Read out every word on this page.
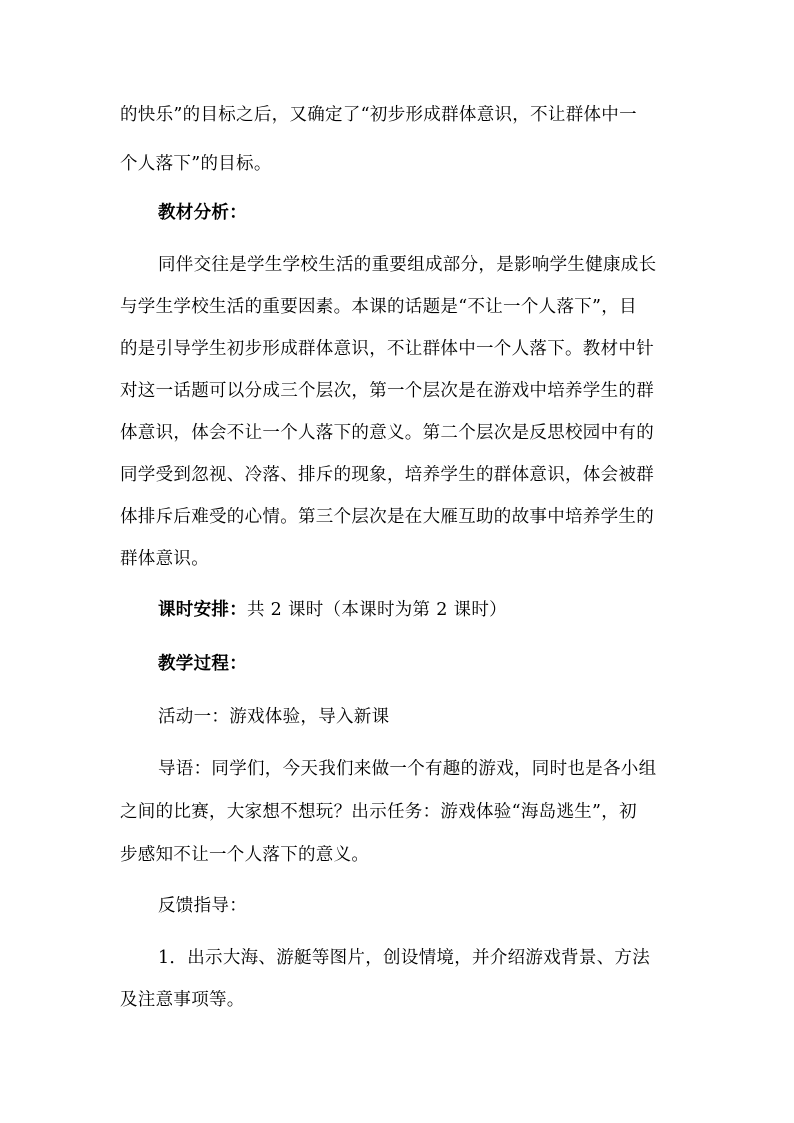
的快乐”的目标之后，又确定了“初步形成群体意识，不让群体中一
个人落下”的目标。
教材分析：
同伴交往是学生学校生活的重要组成部分，是影响学生健康成长
与学生学校生活的重要因素。本课的话题是“不让一个人落下”，目
的是引导学生初步形成群体意识，不让群体中一个人落下。教材中针
对这一话题可以分成三个层次，第一个层次是在游戏中培养学生的群
体意识，体会不让一个人落下的意义。第二个层次是反思校园中有的
同学受到忽视、冷落、排斥的现象，培养学生的群体意识，体会被群
体排斥后难受的心情。第三个层次是在大雁互助的故事中培养学生的
群体意识。
课时安排：共 2 课时（本课时为第 2 课时）
教学过程：
活动一：游戏体验，导入新课
导语：同学们，今天我们来做一个有趣的游戏，同时也是各小组
之间的比赛，大家想不想玩？出示任务：游戏体验“海岛逃生”，初
步感知不让一个人落下的意义。
反馈指导：
1．出示大海、游艇等图片，创设情境，并介绍游戏背景、方法
及注意事项等。
